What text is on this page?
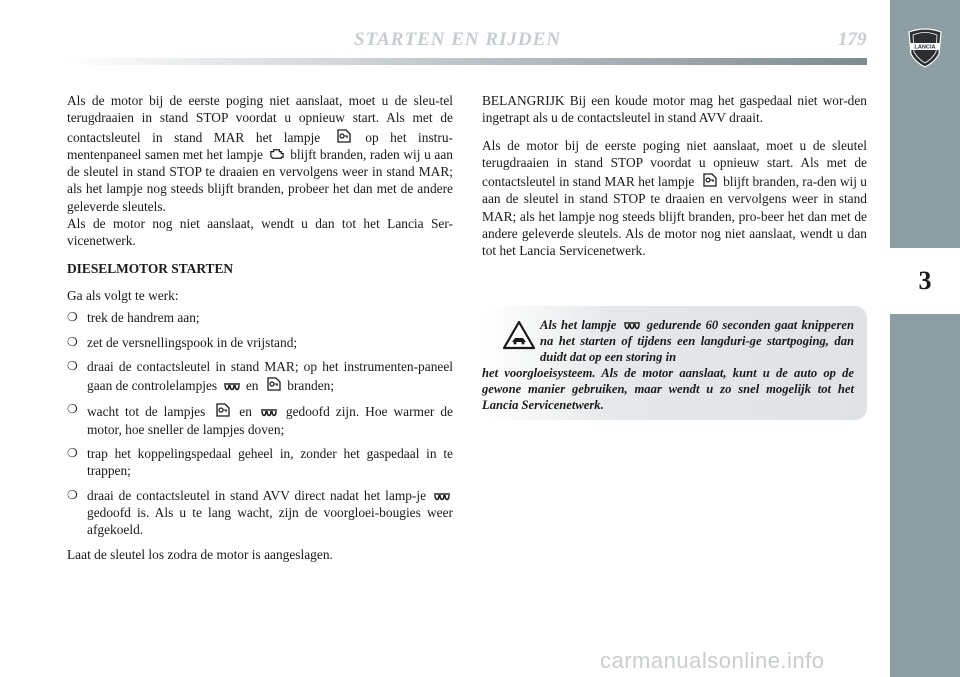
STARTEN EN RIJDEN	179	LANCIA
3

Als de motor bij de eerste poging niet aanslaat, moet u de sleu-tel terugdraaien in stand STOP voordat u opnieuw start. Als met de contactsleutel in stand MAR het lampje	op het instru-mentenpaneel samen met het lampje blijft branden, raden wij u aan de sleutel in stand STOP te draaien en vervolgens weer in stand MAR; als het lampje nog steeds blijft branden, probeer het dan met de andere geleverde sleutels.

Als de motor nog niet aanslaat, wendt u dan tot het Lancia Ser-vicenetwerk.

DIESELMOTOR STARTEN

Ga als volgt te werk:

❍ trek de handrem aan;
❍ zet de versnellingspook in de vrijstand;
❍ draai de contactsleutel in stand MAR; op het instrumenten-paneel gaan de controlelampjes en branden;
❍ wacht tot de lampjes	en	gedoofd zijn. Hoe warmer de motor, hoe sneller de lampjes doven;
❍ trap het koppelingspedaal geheel in, zonder het gaspedaal in te trappen;
❍ draai de contactsleutel in stand AVV direct nadat het lamp-je  gedoofd is. Als u te lang wacht, zijn de voorgloei-bougies weer afgekoeld.

Laat de sleutel los zodra de motor is aangeslagen.

BELANGRIJK Bij een koude motor mag het gaspedaal niet wor-den ingetrapt als u de contactsleutel in stand AVV draait.

Als de motor bij de eerste poging niet aanslaat, moet u de sleutel terugdraaien in stand STOP voordat u opnieuw start. Als met de contactsleutel in stand MAR het lampje blijft branden, ra-den wij u aan de sleutel in stand STOP te draaien en vervolgens weer in stand MAR; als het lampje nog steeds blijft branden, pro-beer het dan met de andere geleverde sleutels. Als de motor nog niet aanslaat, wendt u dan tot het Lancia Servicenetwerk.

Als het lampje gedurende 60 seconden gaat knipperen na het starten of tijdens een langduri-ge startpoging, dan duidt dat op een storing in
het voorgloeisysteem. Als de motor aanslaat, kunt u de auto op de gewone manier gebruiken, maar wendt u zo snel mogelijk tot het Lancia Servicenetwerk.
carmanualsonline.info
